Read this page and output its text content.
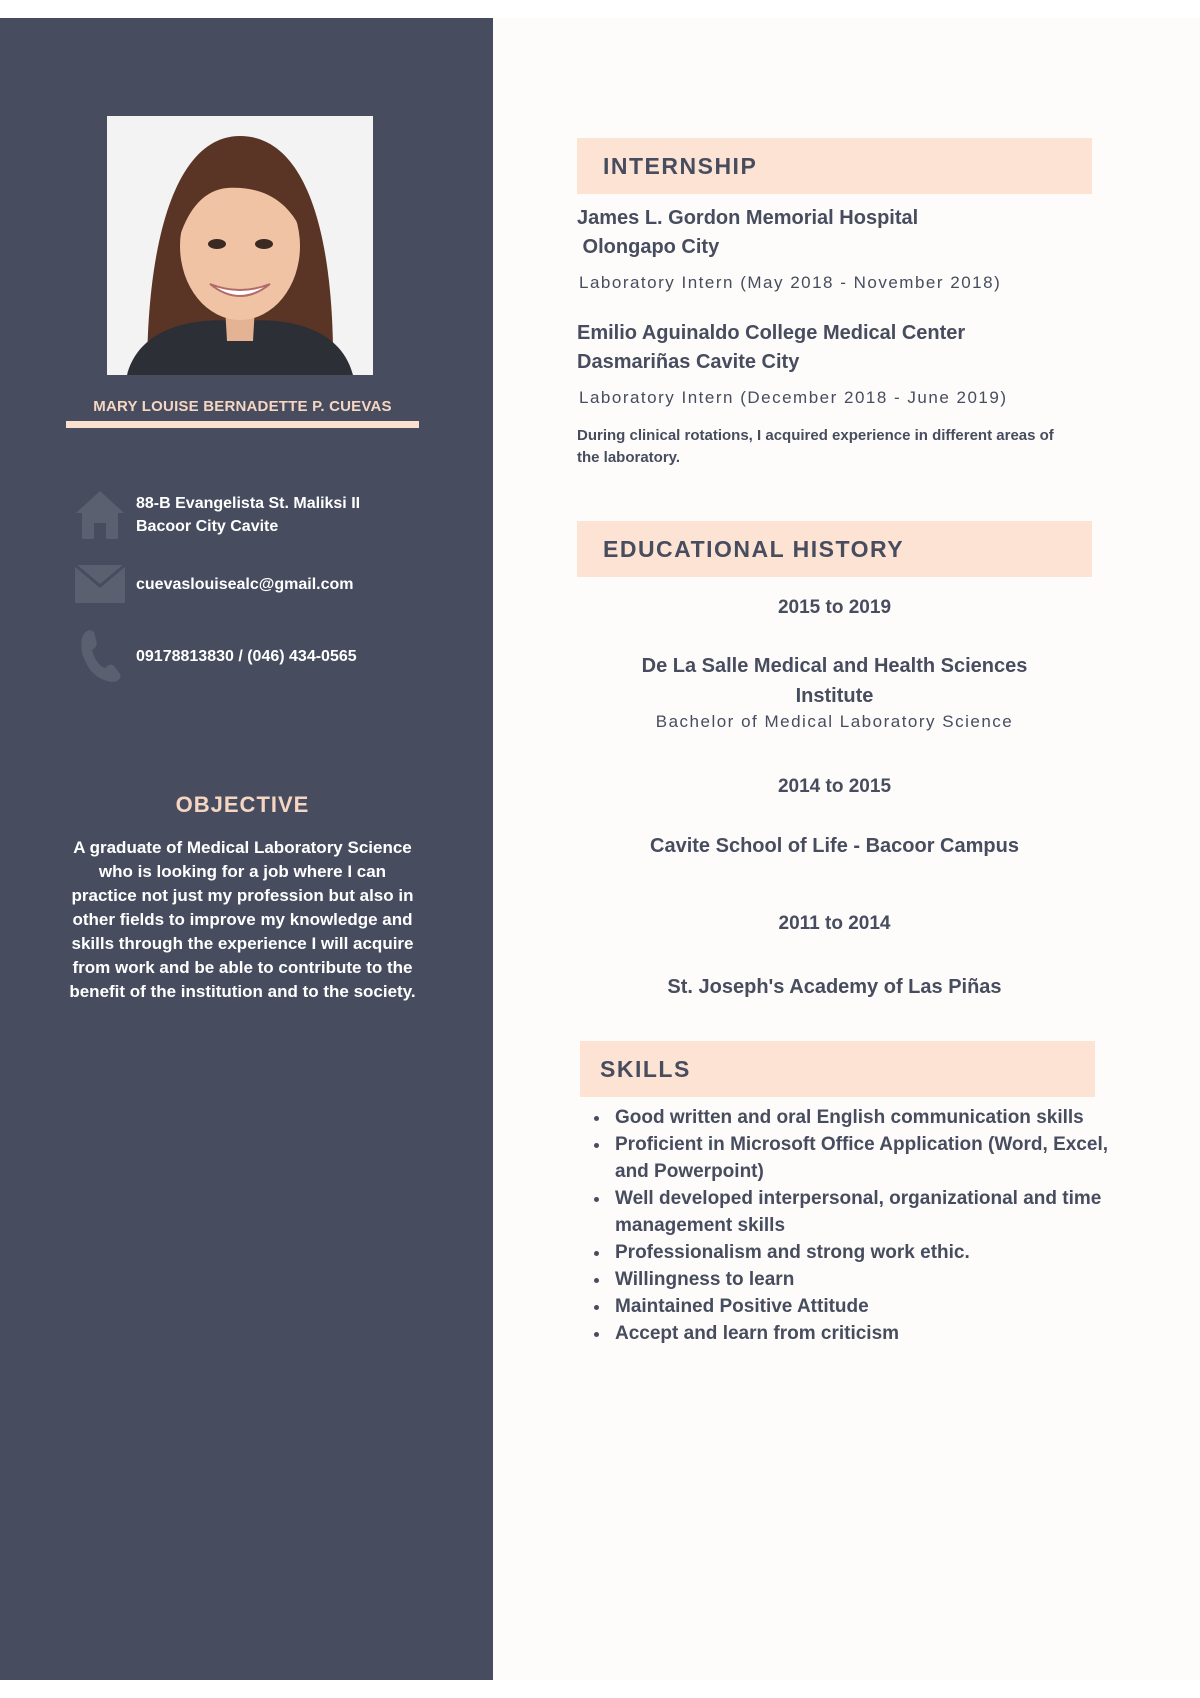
MARY LOUISE BERNADETTE P. CUEVAS
88-B Evangelista St. Maliksi II
Bacoor City Cavite
cuevaslouisealc@gmail.com
09178813830 / (046) 434-0565
OBJECTIVE
A graduate of Medical Laboratory Science who is looking for a job where I can practice not just my profession but also in other fields to improve my knowledge and skills through the experience I will acquire from work and be able to contribute to the benefit of the institution and to the society.
INTERNSHIP
James L. Gordon Memorial Hospital
Olongapo City
Laboratory Intern (May 2018 - November 2018)
Emilio Aguinaldo College Medical Center
Dasmariñas Cavite City
Laboratory Intern (December 2018 - June 2019)
During clinical rotations, I acquired experience in different areas of the laboratory.
EDUCATIONAL HISTORY
2015 to 2019
De La Salle Medical and Health Sciences Institute
Bachelor of Medical Laboratory Science
2014 to 2015
Cavite School of Life - Bacoor Campus
2011 to 2014
St. Joseph's Academy of Las Piñas
SKILLS
• Good written and oral English communication skills
• Proficient in Microsoft Office Application (Word, Excel, and Powerpoint)
• Well developed interpersonal, organizational and time management skills
• Professionalism and strong work ethic.
• Willingness to learn
• Maintained Positive Attitude
• Accept and learn from criticism
